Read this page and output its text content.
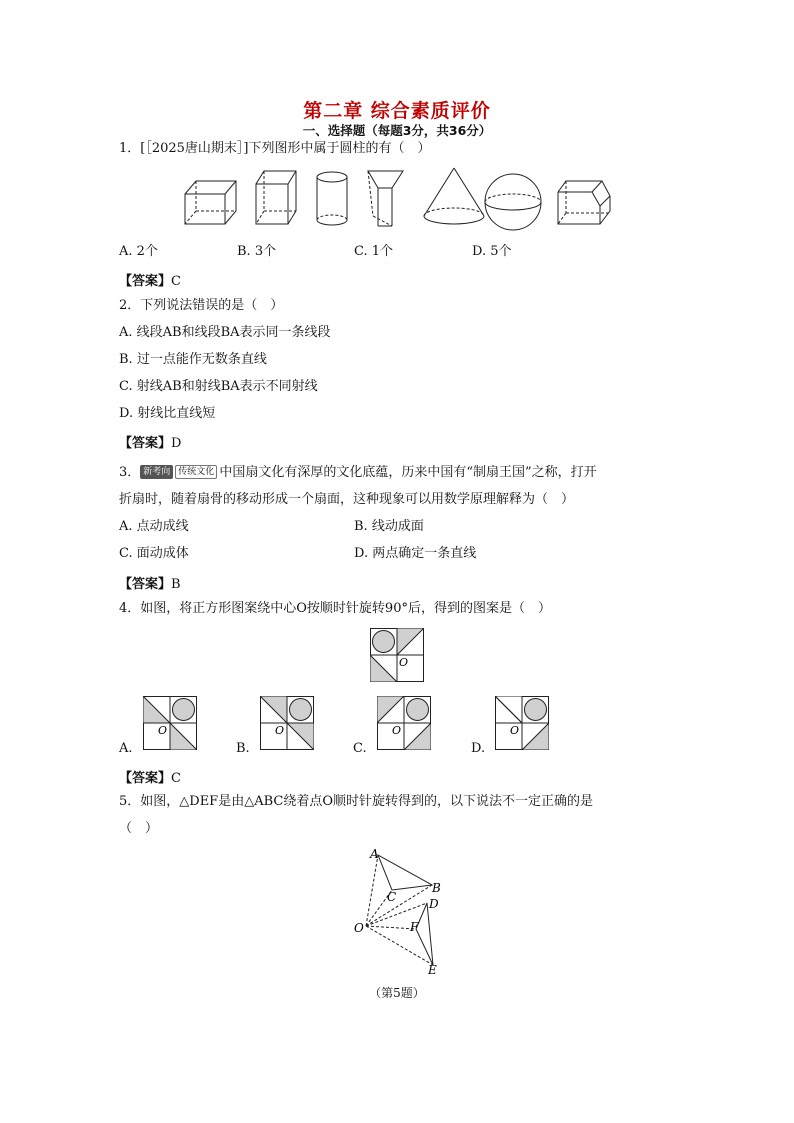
第二章 综合素质评价
一、选择题（每题3分，共36分）
1．[［2025唐山期末］]下列图形中属于圆柱的有（　）
A. 2个	B. 3个	C. 1个	D. 5个
【答案】C
2．下列说法错误的是（　）
A. 线段AB和线段BA表示同一条线段
B. 过一点能作无数条直线
C. 射线AB和射线BA表示不同射线
D. 射线比直线短
【答案】D
3． 新考向 传统文化 中国扇文化有深厚的文化底蕴，历来中国有“制扇王国”之称，打开
折扇时，随着扇骨的移动形成一个扇面，这种现象可以用数学原理解释为（　）
A. 点动成线	B. 线动成面
C. 面动成体	D. 两点确定一条直线
【答案】B
4．如图，将正方形图案绕中心O按顺时针旋转90°后，得到的图案是（　）
O
O
A.
O
B.
O
C.
O
D.
【答案】C
5．如图，△DEF是由△ABC绕着点O顺时针旋转得到的，以下说法不一定正确的是
（　）
A
B
C	D
E
F
O
（第5题）
